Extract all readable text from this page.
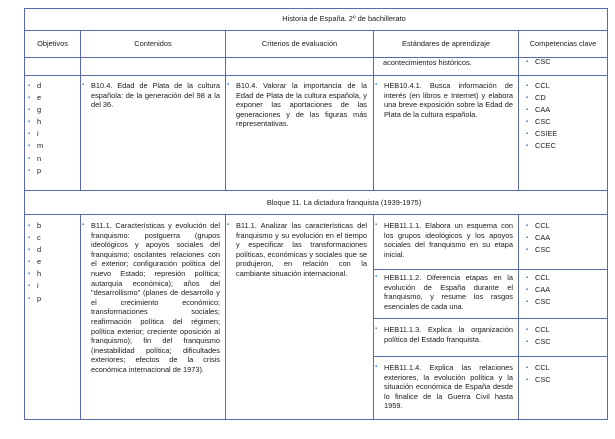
Historia de España. 2º de bachillerato
Objetivos	Contenidos	Criterios de evaluación	Estándares de aprendizaje	Competencias clave
acontecimientos históricos.
▪	CSC
▪ d
▪ e
▪ g
▪ h
▪ i
▪ m
▪ n
▪ p
▪ B10.4. Edad de Plata de la cultura española: de la generación del 98 a la del 36.
▪ B10.4. Valorar la importancia de la Edad de Plata de la cultura española, y exponer las aportaciones de las generaciones y de las figuras más representativas.
▪ HEB10.4.1. Busca información de interés (en libros e Internet) y elabora una breve exposición sobre la Edad de Plata de la cultura española.
▪ CCL
▪ CD
▪ CAA
▪ CSC
▪ CSIEE
▪ CCEC
Bloque 11. La dictadura franquista (1939-1975)
▪ b
▪ c
▪ d
▪ e
▪ h
▪ i
▪ p
▪ B11.1. Características y evolución del franquismo: postguerra (grupos ideológicos y apoyos sociales del franquismo; oscilantes relaciones con el exterior; configuración política del nuevo Estado; represión política; autarquía económica); años del "desarrollismo" (planes de desarrollo y el crecimiento económico; transformaciones sociales; reafirmación política del régimen; política exterior; creciente oposición al franquismo); fin del franquismo (inestabilidad política; dificultades exteriores; efectos de la crisis económica internacional de 1973).
▪ B11.1. Analizar las características del franquismo y su evolución en el tiempo y especificar las transformaciones políticas, económicas y sociales que se produjeron, en relación con la cambiante situación internacional.
▪ HEB11.1.1. Elabora un esquema con los grupos ideológicos y los apoyos sociales del franquismo en su etapa inicial.
▪ CCL
▪ CAA
▪ CSC
▪ HEB11.1.2. Diferencia etapas en la evolución de España durante el franquismo, y resume los rasgos esenciales de cada una.
▪ CCL
▪ CAA
▪ CSC
▪ HEB11.1.3. Explica la organización política del Estado franquista.
▪ CCL
▪ CSC
▪ HEB11.1.4. Explica las relaciones exteriores, la evolución política y la situación económica de España desde lo finalice de la Guerra Civil hasta 1959.
▪ CCL
▪ CSC
